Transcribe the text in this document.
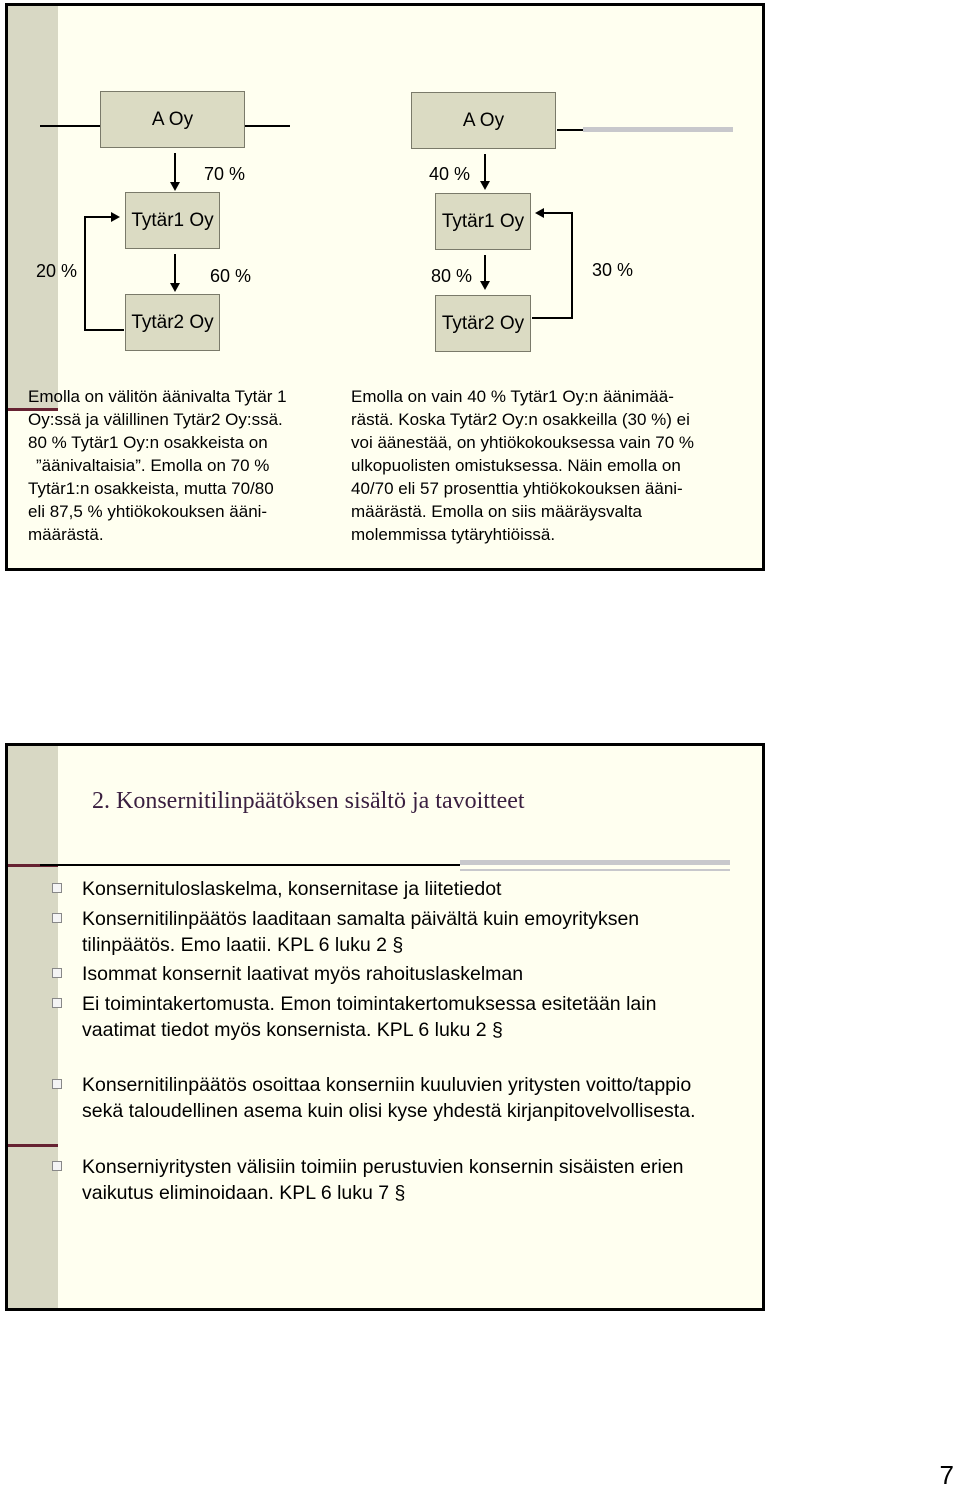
A Oy
70 %
Tytär1 Oy
60 %
Tytär2 Oy
20 %
A Oy
40 %
Tytär1 Oy
80 %
Tytär2 Oy
30 %
Emolla on välitön äänivalta Tytär 1
Oy:ssä ja välillinen Tytär2 Oy:ssä.
80 % Tytär1 Oy:n osakkeista on
”äänivaltaisia”. Emolla on 70 %
Tytär1:n osakkeista, mutta 70/80
eli 87,5 % yhtiökokouksen ääni-
määrästä.
Emolla on vain 40 % Tytär1 Oy:n äänimää-
rästä. Koska Tytär2 Oy:n osakkeilla (30 %) ei
voi äänestää, on yhtiökokouksessa vain 70 %
ulkopuolisten omistuksessa. Näin emolla on
40/70 eli 57 prosenttia yhtiökokouksen ääni-
määrästä. Emolla on siis määräysvalta
molemmissa tytäryhtiöissä.
2. Konsernitilinpäätöksen sisältö ja tavoitteet
Konsernituloslaskelma, konsernitase ja liitetiedot
Konsernitilinpäätös laaditaan samalta päivältä kuin emoyrityksen tilinpäätös. Emo laatii. KPL 6 luku 2 §
Isommat konsernit laativat myös rahoituslaskelman
Ei toimintakertomusta. Emon toimintakertomuksessa esitetään lain vaatimat tiedot myös konsernista. KPL 6 luku 2 §
Konsernitilinpäätös osoittaa konserniin kuuluvien yritysten voitto/tappio sekä taloudellinen asema kuin olisi kyse yhdestä kirjanpitovelvollisesta.
Konserniyritysten välisiin toimiin perustuvien konsernin sisäisten erien vaikutus eliminoidaan. KPL 6 luku 7 §
7
